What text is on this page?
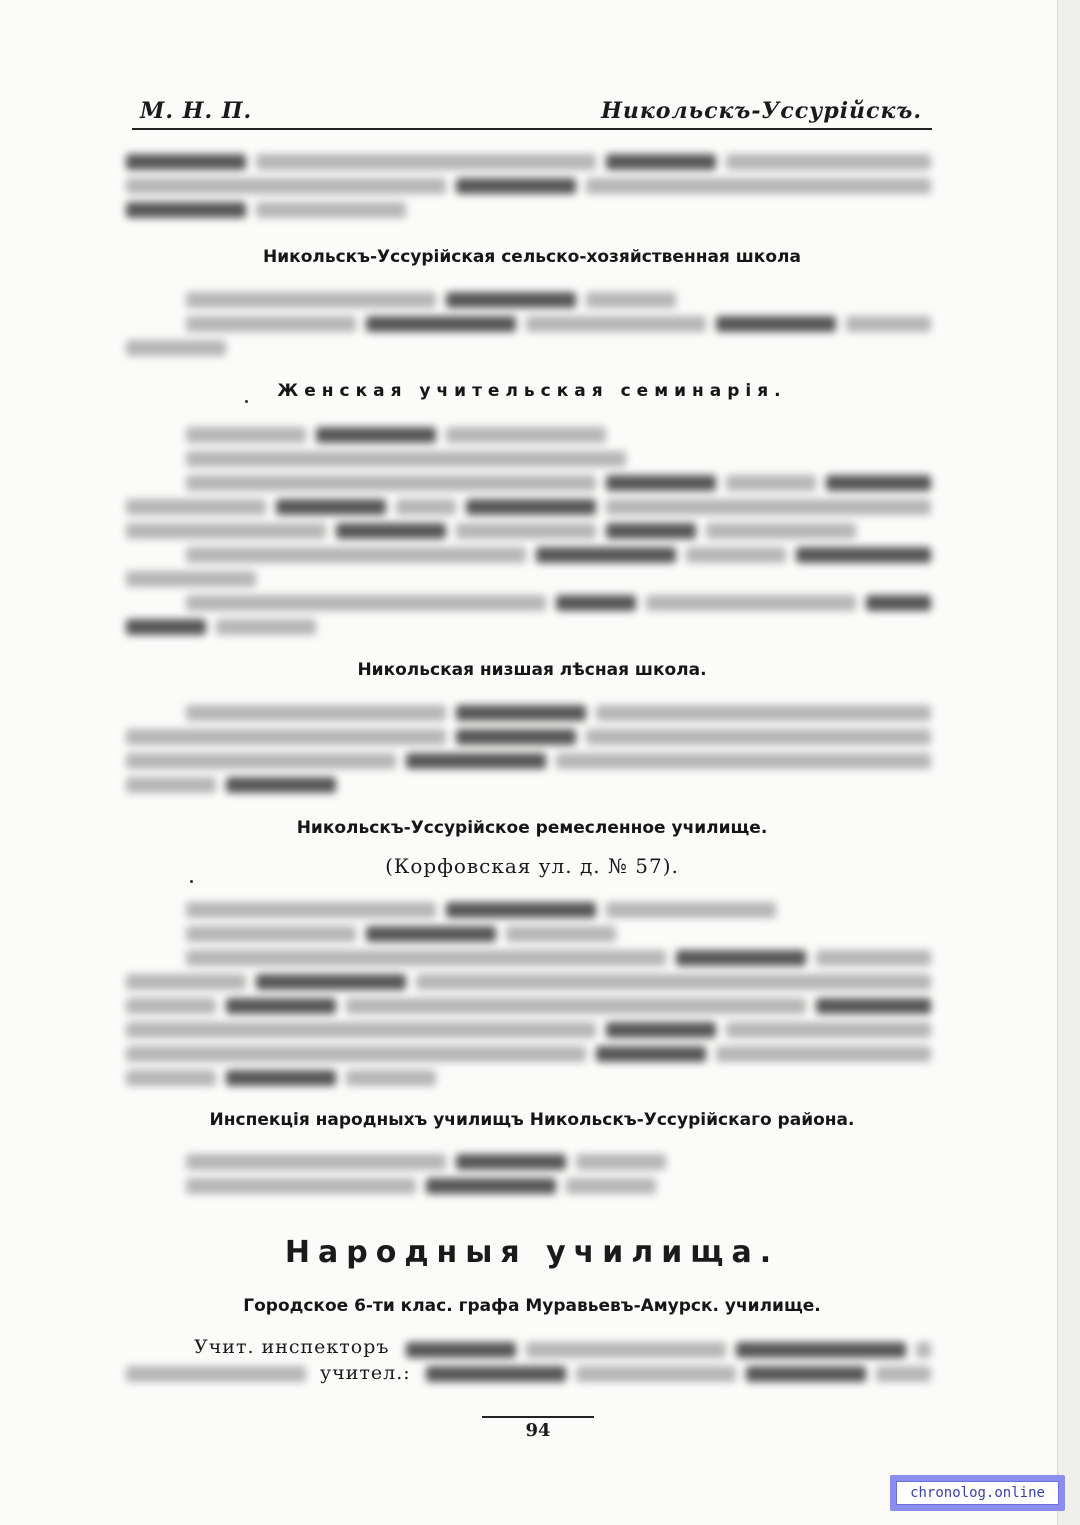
М. Н. П.	Никольскъ-Уссурійскъ.
Никольскъ-Уссурійская сельско-хозяйственная школа
Женская учительская семинарія.
Никольская низшая лѣсная школа.
Никольскъ-Уссурійское ремесленное училище.
(Корфовская ул. д. № 57).
Инспекція народныхъ училищъ Никольскъ-Уссурійскаго района.
Народныя училища.
Городское 6-ти клас. графа Муравьевъ-Амурск. училище.
Учит. инспекторъ
учител.:
94
chronolog.online
